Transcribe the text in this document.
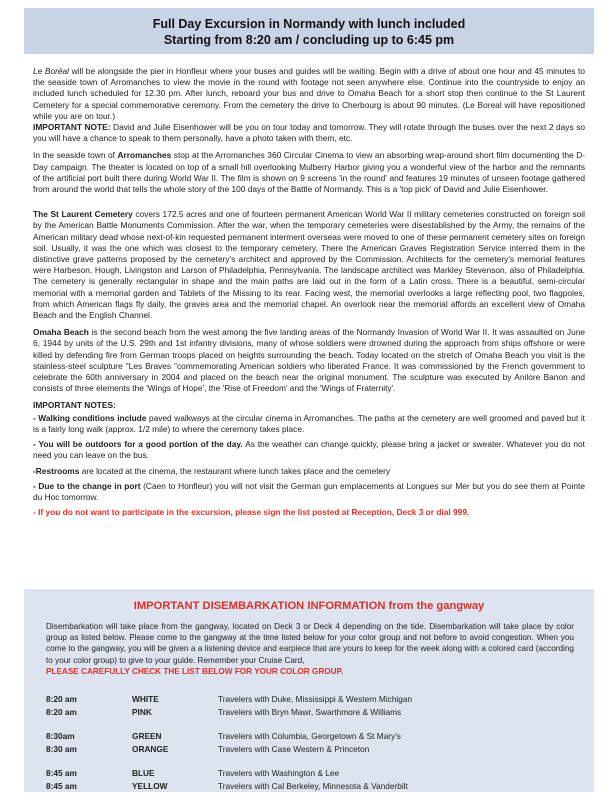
Full Day Excursion in Normandy with lunch included
Starting from 8:20 am / concluding up to 6:45 pm

Le Boréal will be alongside the pier in Honfleur where your buses and guides will be waiting. Begin with a drive of about one hour and 45 minutes to the seaside town of Arromanches to view the movie in the round with footage not seen anywhere else. Continue into the countryside to enjoy an included lunch scheduled for 12.30 pm. After lunch, reboard your bus and drive to Omaha Beach for a short stop then continue to the St Laurent Cemetery for a special commemorative ceremony. From the cemetery the drive to Cherbourg is about 90 minutes. (Le Boreal will have repositioned while you are on tour.)
IMPORTANT NOTE: David and Julie Eisenhower will be you on tour today and tomorrow. They will rotate through the buses over the next 2 days so you will have a chance to speak to them personally, have a photo taken with them, etc.

In the seaside town of Arromanches stop at the Arromanches 360 Circular Cinema to view an absorbing wrap-around short film documenting the D-Day campaign. The theater is located on top of a small hill overlooking Mulberry Harbor giving you a wonderful view of the harbor and the remnants of the artificial port built there during World War II. The film is shown on 9 screens 'in the round' and features 19 minutes of unseen footage gathered from around the world that tells the whole story of the 100 days of the Battle of Normandy. This is a 'top pick' of David and Julie Eisenhower.

The St Laurent Cemetery covers 172.5 acres and one of fourteen permanent American World War II military cemeteries constructed on foreign soil by the American Battle Monuments Commission. After the war, when the temporary cemeteries were disestablished by the Army, the remains of the American military dead whose next-of-kin requested permanent interment overseas were moved to one of these permanent cemetery sites on foreign soil. Usually, it was the one which was closest to the temporary cemetery. There the American Graves Registration Service interred them in the distinctive grave patterns proposed by the cemetery's architect and approved by the Commission. Architects for the cemetery's memorial features were Harbeson, Hough, Livingston and Larson of Philadelphia, Pennsylvania. The landscape architect was Markley Stevenson, also of Philadelphia. The cemetery is generally rectangular in shape and the main paths are laid out in the form of a Latin cross. There is a beautiful, semi-circular memorial with a memorial garden and Tablets of the Missing to its rear. Facing west, the memorial overlooks a large reflecting pool, two flagpoles, from which American flags fly daily, the graves area and the memorial chapel. An overlook near the memorial affords an excellent view of Omaha Beach and the English Channel.

Omaha Beach is the second beach from the west among the five landing areas of the Normandy Invasion of World War II. It was assaulted on June 6, 1944 by units of the U.S. 29th and 1st infantry divisions, many of whose soldiers were drowned during the approach from ships offshore or were killed by defending fire from German troops placed on heights surrounding the beach. Today located on the stretch of Omaha Beach you visit is the stainless-steel sculpture "Les Braves "commemorating American soldiers who liberated France. It was commissioned by the French government to celebrate the 60th anniversary in 2004 and placed on the beach near the original monument. The sculpture was executed by Anilore Banon and consists of three elements the 'Wings of Hope', the 'Rise of Freedom' and the 'Wings of Fraternity'.

IMPORTANT NOTES:
- Walking conditions include paved walkways at the circular cinema in Arromanches. The paths at the cemetery are well groomed and paved but it is a fairly long walk (approx. 1/2 mile) to where the ceremony takes place.
- You will be outdoors for a good portion of the day. As the weather can change quickly, please bring a jacket or sweater. Whatever you do not need you can leave on the bus.
-Restrooms are located at the cinema, the restaurant where lunch takes place and the cemetery
- Due to the change in port (Caen to Honfleur) you will not visit the German gun emplacements at Longues sur Mer but you do see them at Pointe du Hoc tomorrow.
- If you do not want to participate in the excursion, please sign the list posted at Reception, Deck 3 or dial 999.
IMPORTANT DISEMBARKATION INFORMATION from the gangway
Disembarkation will take place from the gangway, located on Deck 3 or Deck 4 depending on the tide. Disembarkation will take place by color group as listed below. Please come to the gangway at the time listed below for your color group and not before to avoid congestion. When you come to the gangway, you will be given a a listening device and earpiece that are yours to keep for the week along with a colored card (according to your color group) to give to your guide. Remember your Cruise Card,
PLEASE CAREFULLY CHECK THE LIST BELOW FOR YOUR COLOR GROUP.
8:20 am	WHITE	Travelers with Duke, Mississippi & Western Michigan
8:20 am	PINK	Travelers with Bryn Mawr, Swarthmore & Williams
8:30am	GREEN	Travelers with Columbia, Georgetown & St Mary's
8:30 am	ORANGE	Travelers with Case Western & Princeton
8:45 am	BLUE	Travelers with Washington & Lee
8:45 am	YELLOW	Travelers with Cal Berkeley, Minnesota & Vanderbilt
